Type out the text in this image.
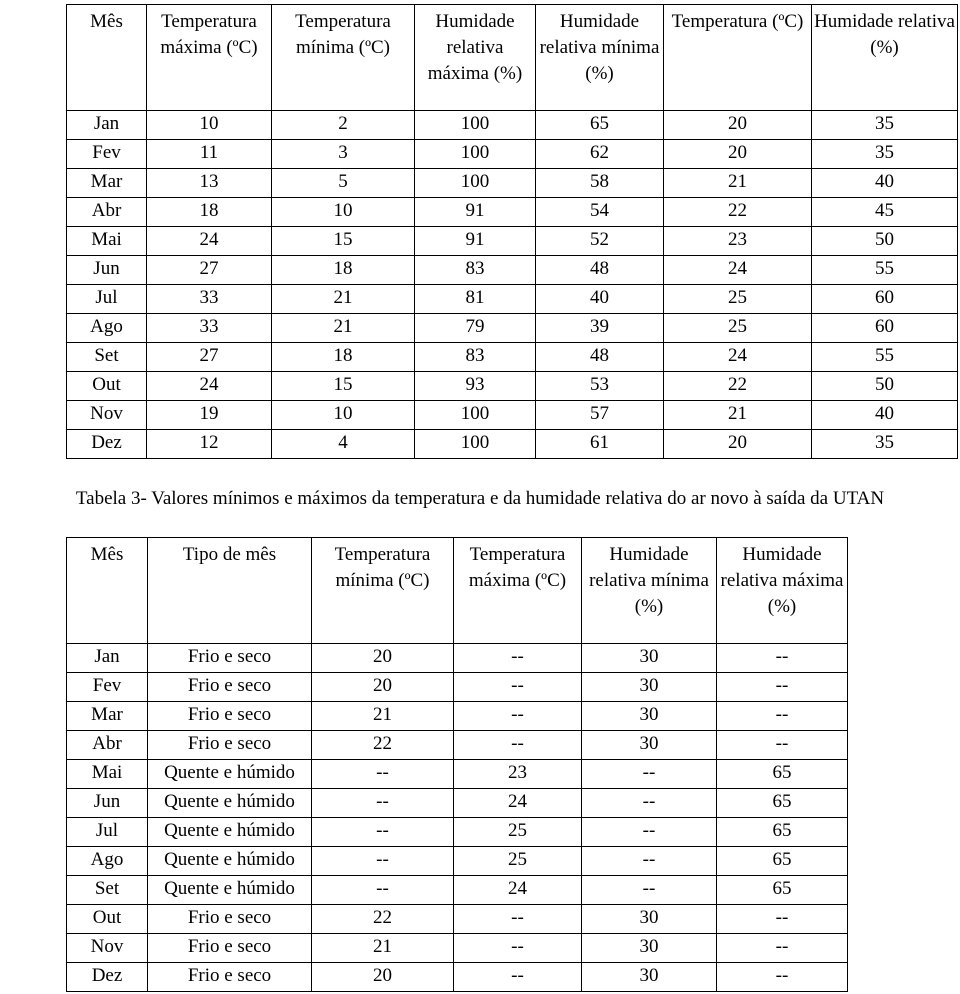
Mês	Temperatura máxima (ºC)	Temperatura mínima (ºC)	Humidade relativa máxima (%)	Humidade relativa mínima (%)	Temperatura (ºC)	Humidade relativa (%)
Jan	10	2	100	65	20	35
Fev	11	3	100	62	20	35
Mar	13	5	100	58	21	40
Abr	18	10	91	54	22	45
Mai	24	15	91	52	23	50
Jun	27	18	83	48	24	55
Jul	33	21	81	40	25	60
Ago	33	21	79	39	25	60
Set	27	18	83	48	24	55
Out	24	15	93	53	22	50
Nov	19	10	100	57	21	40
Dez	12	4	100	61	20	35
Tabela 3- Valores mínimos e máximos da temperatura e da humidade relativa do ar novo à saída da UTAN
Mês	Tipo de mês	Temperatura mínima (ºC)	Temperatura máxima (ºC)	Humidade relativa mínima (%)	Humidade relativa máxima (%)
Jan	Frio e seco	20	--	30	--
Fev	Frio e seco	20	--	30	--
Mar	Frio e seco	21	--	30	--
Abr	Frio e seco	22	--	30	--
Mai	Quente e húmido	--	23	--	65
Jun	Quente e húmido	--	24	--	65
Jul	Quente e húmido	--	25	--	65
Ago	Quente e húmido	--	25	--	65
Set	Quente e húmido	--	24	--	65
Out	Frio e seco	22	--	30	--
Nov	Frio e seco	21	--	30	--
Dez	Frio e seco	20	--	30	--
